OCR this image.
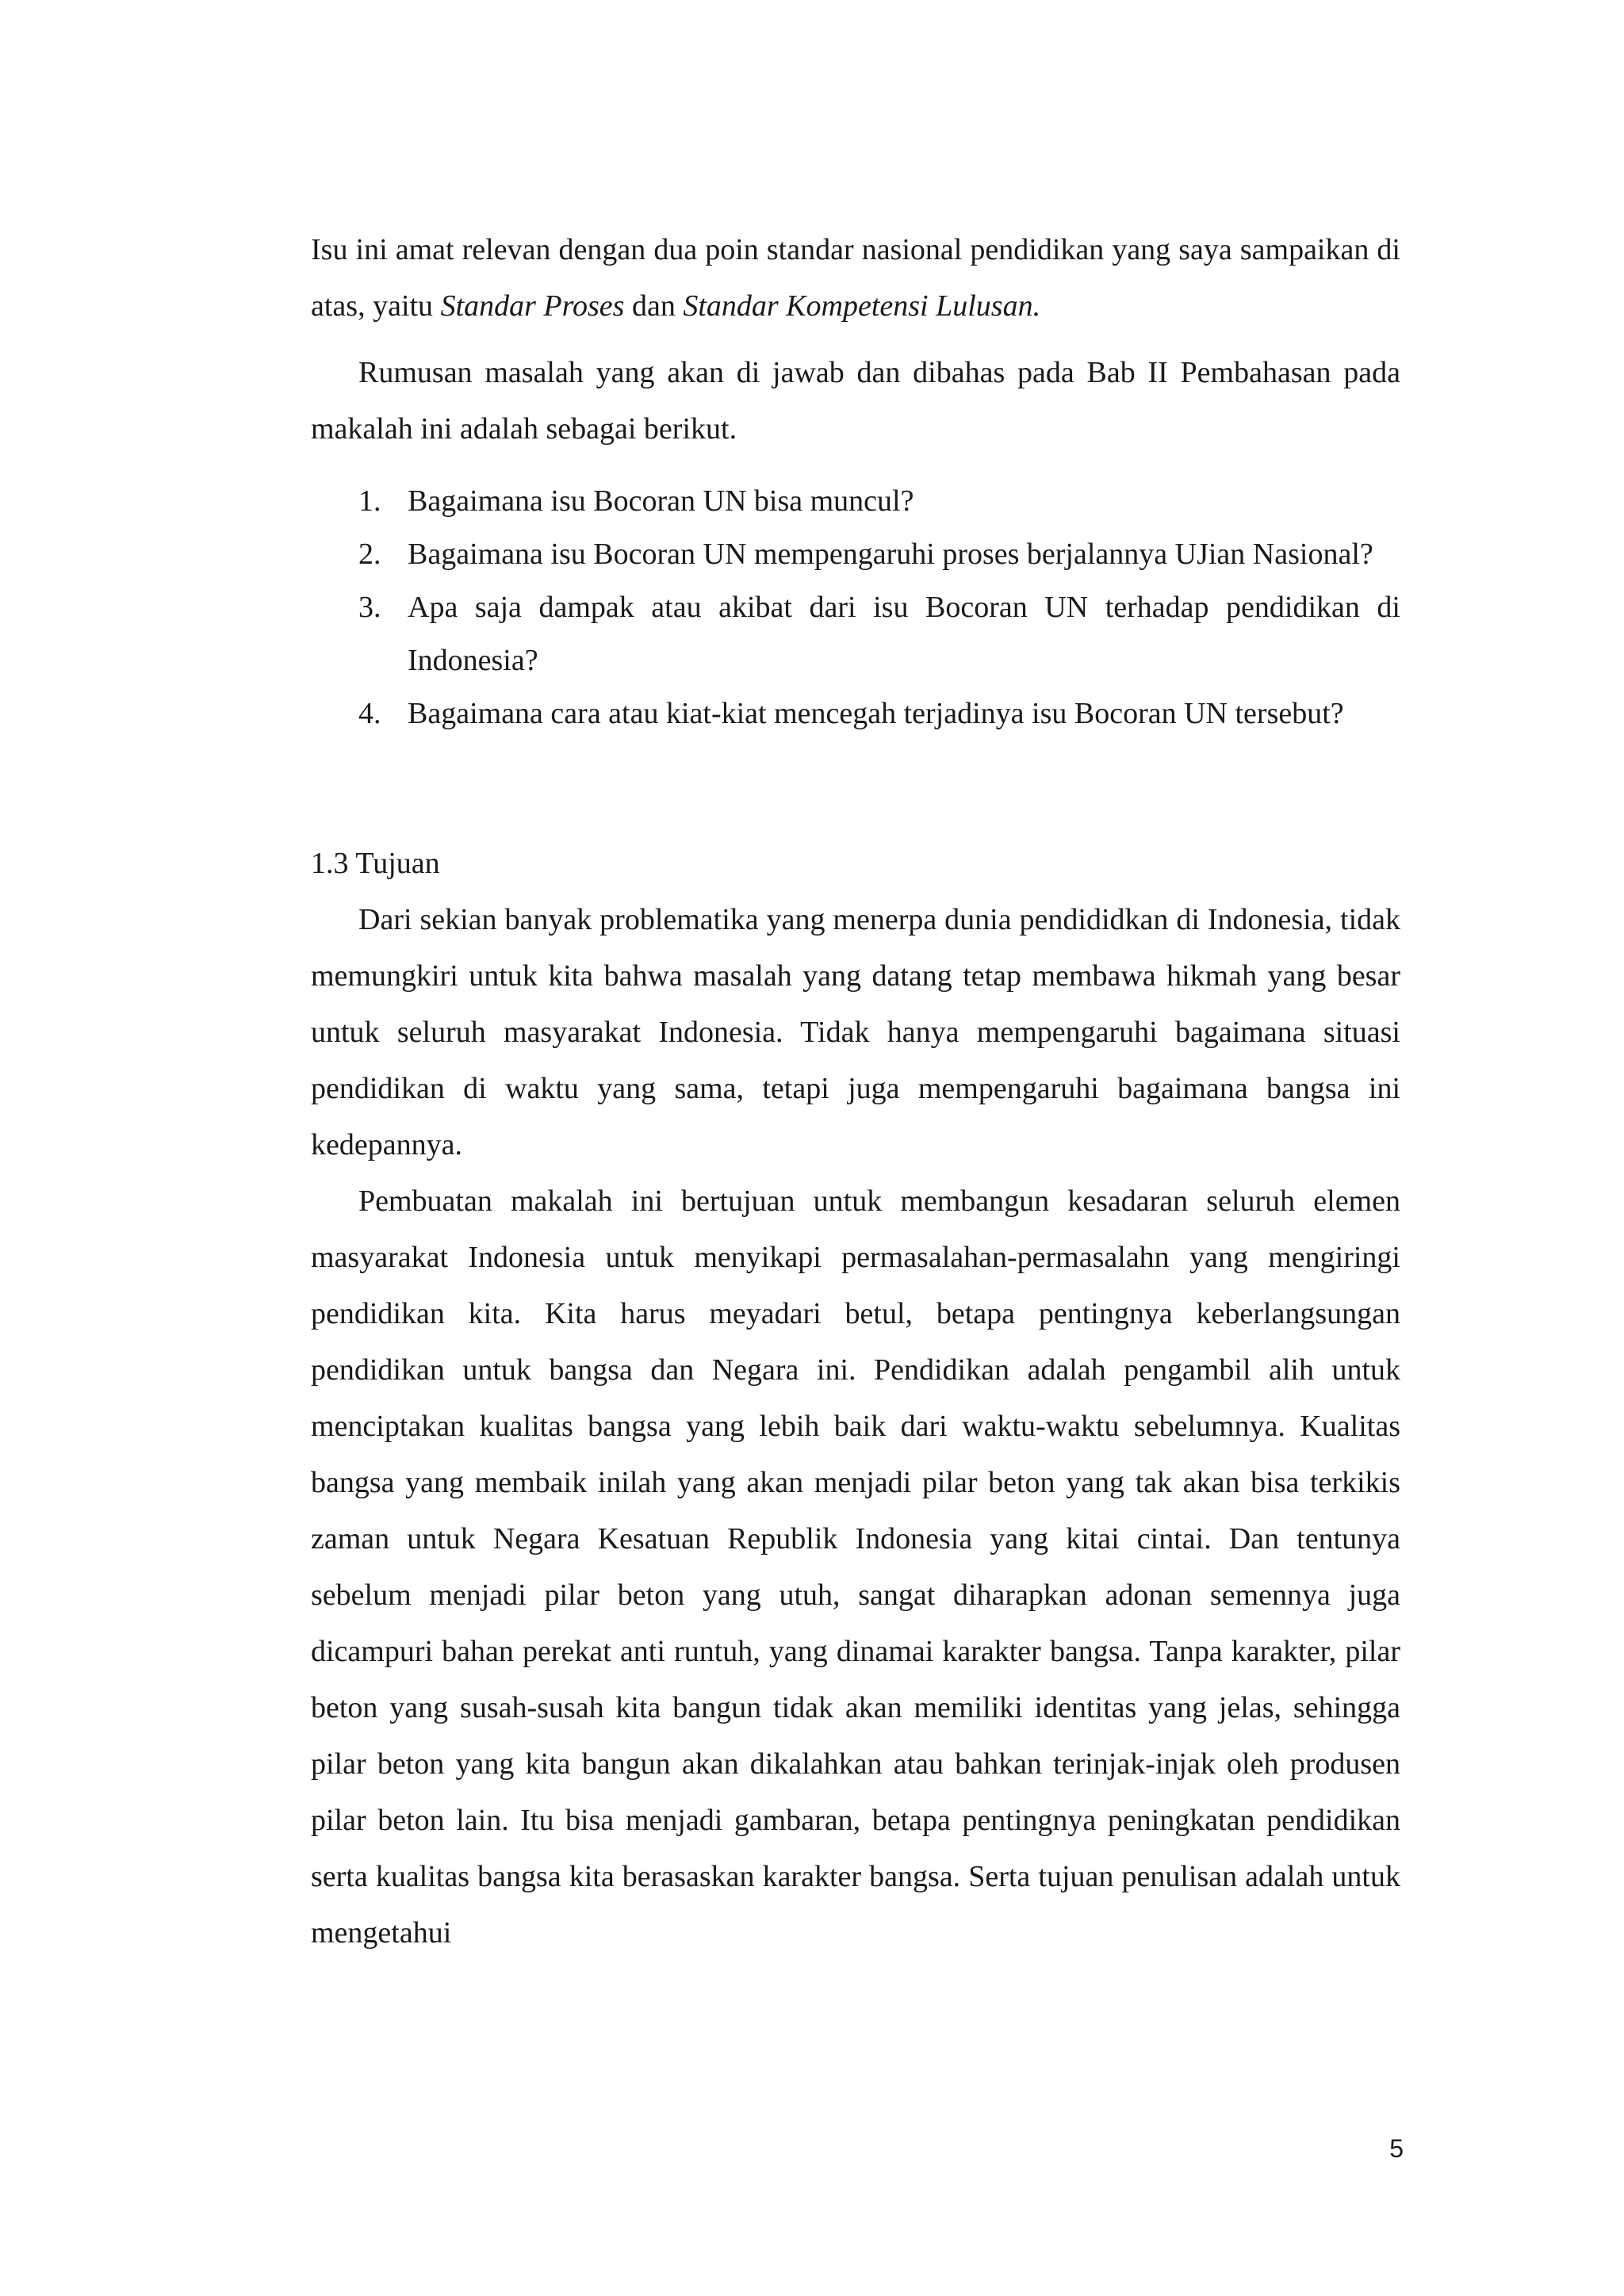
Isu ini amat relevan dengan dua poin standar nasional pendidikan yang saya sampaikan di atas, yaitu Standar Proses dan Standar Kompetensi Lulusan.

Rumusan masalah yang akan di jawab dan dibahas pada Bab II Pembahasan pada makalah ini adalah sebagai berikut.

1. Bagaimana isu Bocoran UN bisa muncul?
2. Bagaimana isu Bocoran UN mempengaruhi proses berjalannya UJian Nasional?
3. Apa saja dampak atau akibat dari isu Bocoran UN terhadap pendidikan di Indonesia?
4. Bagaimana cara atau kiat-kiat mencegah terjadinya isu Bocoran UN tersebut?

1.3 Tujuan

Dari sekian banyak problematika yang menerpa dunia pendididkan di Indonesia, tidak memungkiri untuk kita bahwa masalah yang datang tetap membawa hikmah yang besar untuk seluruh masyarakat Indonesia. Tidak hanya mempengaruhi bagaimana situasi pendidikan di waktu yang sama, tetapi juga mempengaruhi bagaimana bangsa ini kedepannya.

Pembuatan makalah ini bertujuan untuk membangun kesadaran seluruh elemen masyarakat Indonesia untuk menyikapi permasalahan-permasalahn yang mengiringi pendidikan kita. Kita harus meyadari betul, betapa pentingnya keberlangsungan pendidikan untuk bangsa dan Negara ini. Pendidikan adalah pengambil alih untuk menciptakan kualitas bangsa yang lebih baik dari waktu-waktu sebelumnya. Kualitas bangsa yang membaik inilah yang akan menjadi pilar beton yang tak akan bisa terkikis zaman untuk Negara Kesatuan Republik Indonesia yang kitai cintai. Dan tentunya sebelum menjadi pilar beton yang utuh, sangat diharapkan adonan semennya juga dicampuri bahan perekat anti runtuh, yang dinamai karakter bangsa. Tanpa karakter, pilar beton yang susah-susah kita bangun tidak akan memiliki identitas yang jelas, sehingga pilar beton yang kita bangun akan dikalahkan atau bahkan terinjak-injak oleh produsen pilar beton lain. Itu bisa menjadi gambaran, betapa pentingnya peningkatan pendidikan serta kualitas bangsa kita berasaskan karakter bangsa. Serta tujuan penulisan adalah untuk mengetahui

5
